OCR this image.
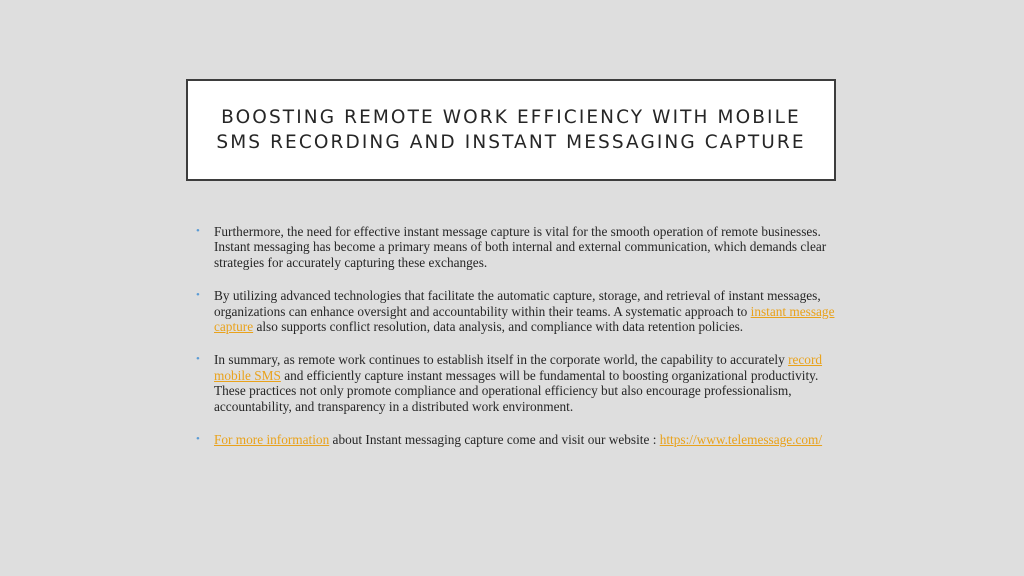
BOOSTING REMOTE WORK EFFICIENCY WITH MOBILE
SMS RECORDING AND INSTANT MESSAGING CAPTURE
• Furthermore, the need for effective instant message capture is vital for the smooth operation of remote businesses. Instant messaging has become a primary means of both internal and external communication, which demands clear strategies for accurately capturing these exchanges.
• By utilizing advanced technologies that facilitate the automatic capture, storage, and retrieval of instant messages, organizations can enhance oversight and accountability within their teams. A systematic approach to instant message capture also supports conflict resolution, data analysis, and compliance with data retention policies.
• In summary, as remote work continues to establish itself in the corporate world, the capability to accurately record mobile SMS and efficiently capture instant messages will be fundamental to boosting organizational productivity. These practices not only promote compliance and operational efficiency but also encourage professionalism, accountability, and transparency in a distributed work environment.
• For more information about Instant messaging capture come and visit our website : https://www.telemessage.com/
